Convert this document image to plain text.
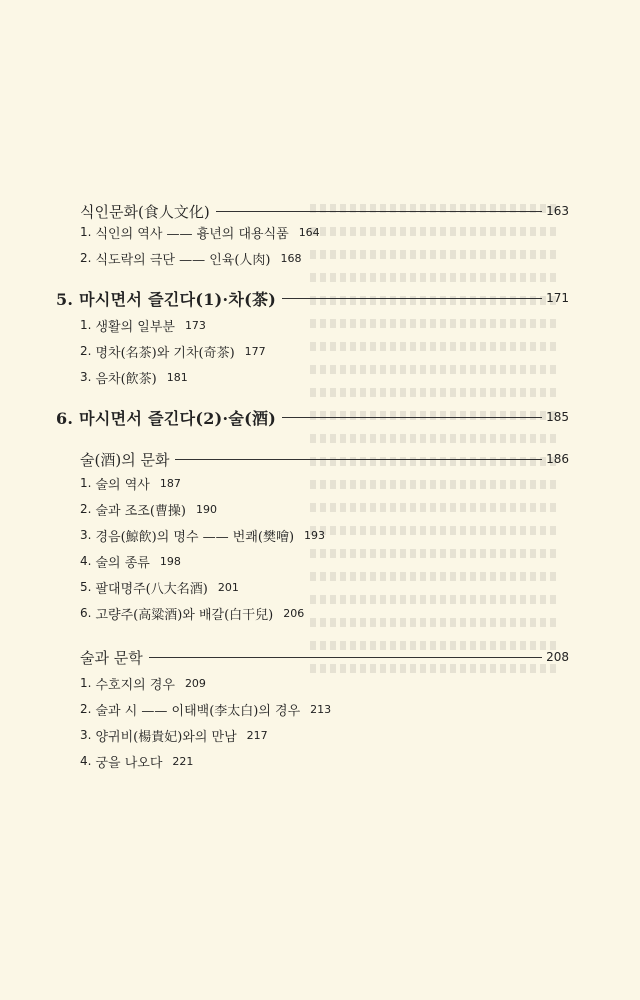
식인문화(食人文化)	163
1. 식인의 역사 —— 흉년의 대용식품 164
2. 식도락의 극단 —— 인육(人肉) 168
5. 마시면서 즐긴다(1)·차(茶)	171
1. 생활의 일부분 173
2. 명차(名茶)와 기차(奇茶) 177
3. 음차(飮茶) 181
6. 마시면서 즐긴다(2)·술(酒)	185
술(酒)의 문화	186
1. 술의 역사 187
2. 술과 조조(曹操) 190
3. 경음(鯨飮)의 명수 —— 번쾌(樊噲) 193
4. 술의 종류 198
5. 팔대명주(八大名酒) 201
6. 고량주(高粱酒)와 배갈(白干兒) 206
술과 문학	208
1. 수호지의 경우 209
2. 술과 시 —— 이태백(李太白)의 경우 213
3. 양귀비(楊貴妃)와의 만남 217
4. 궁을 나오다 221
